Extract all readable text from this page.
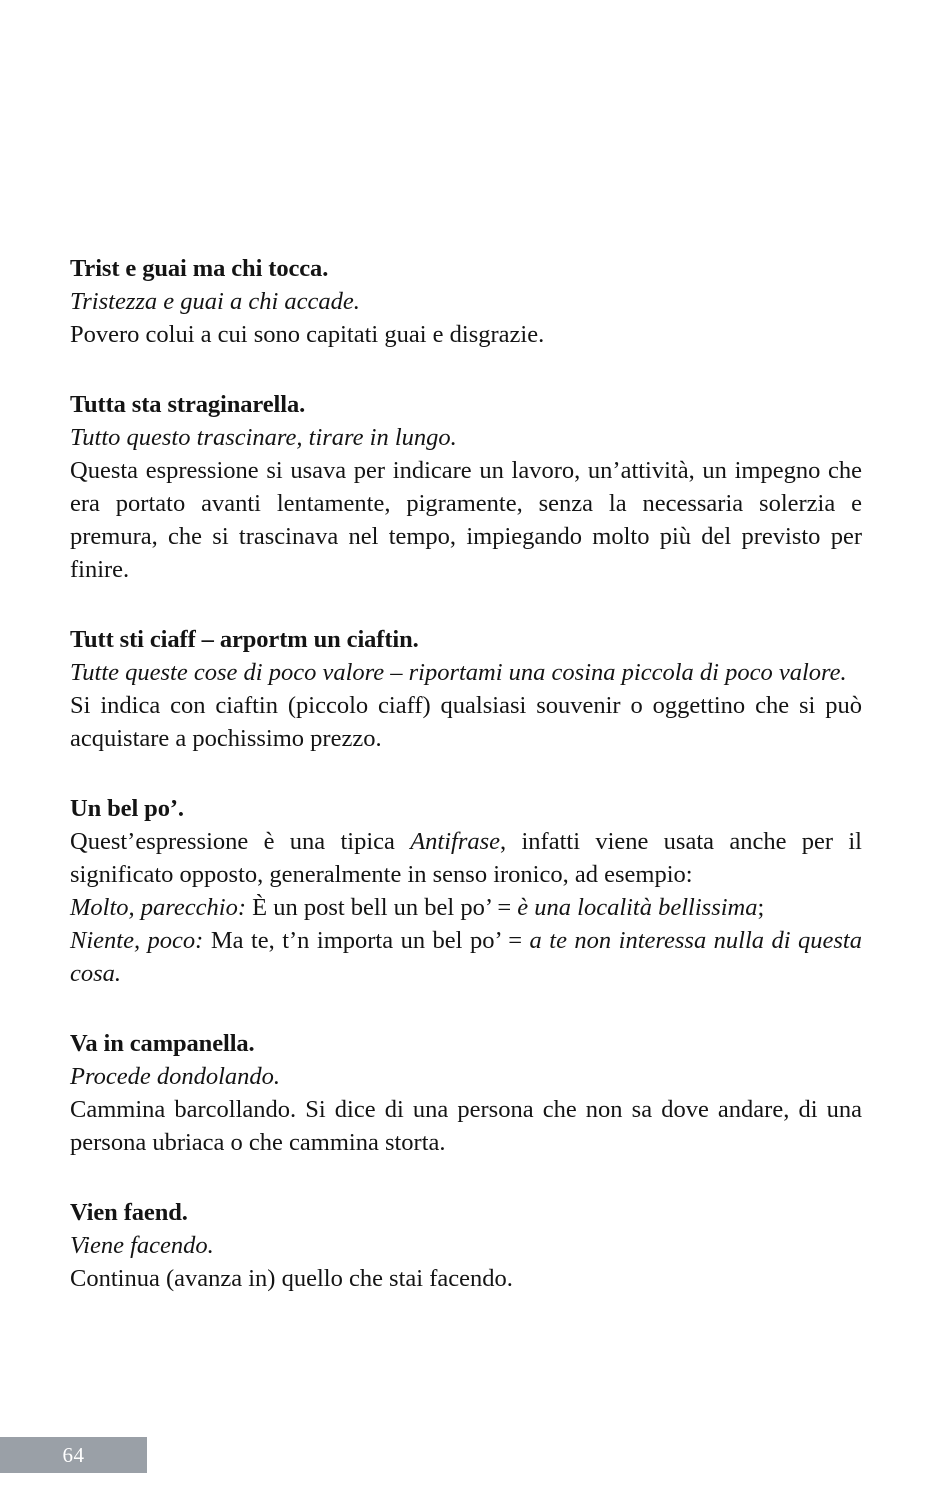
Trist e guai ma chi tocca.

Tristezza e guai a chi accade.

Povero colui a cui sono capitati guai e disgrazie.

Tutta sta straginarella.

Tutto questo trascinare, tirare in lungo.

Questa espressione si usava per indicare un lavoro, un’attività, un impegno che era portato avanti lentamente, pigramente, senza la necessaria solerzia e premura, che si trascinava nel tempo, impiegando molto più del previsto per finire.

Tutt sti ciaff – arportm un ciaftin.

Tutte queste cose di poco valore – riportami una cosina piccola di poco valore.

Si indica con ciaftin (piccolo ciaff) qualsiasi souvenir o oggettino che si può acquistare a pochissimo prezzo.

Un bel po’.

Quest’espressione è una tipica Antifrase, infatti viene usata anche per il significato opposto, generalmente in senso ironico, ad esempio:

Molto, parecchio: È un post bell un bel po’ = è una località bellissima;

Niente, poco: Ma te, t’n importa un bel po’ = a te non interessa nulla di questa cosa.

Va in campanella.

Procede dondolando.

Cammina barcollando. Si dice di una persona che non sa dove andare, di una persona ubriaca o che cammina storta.

Vien faend.

Viene facendo.

Continua (avanza in) quello che stai facendo.

64
